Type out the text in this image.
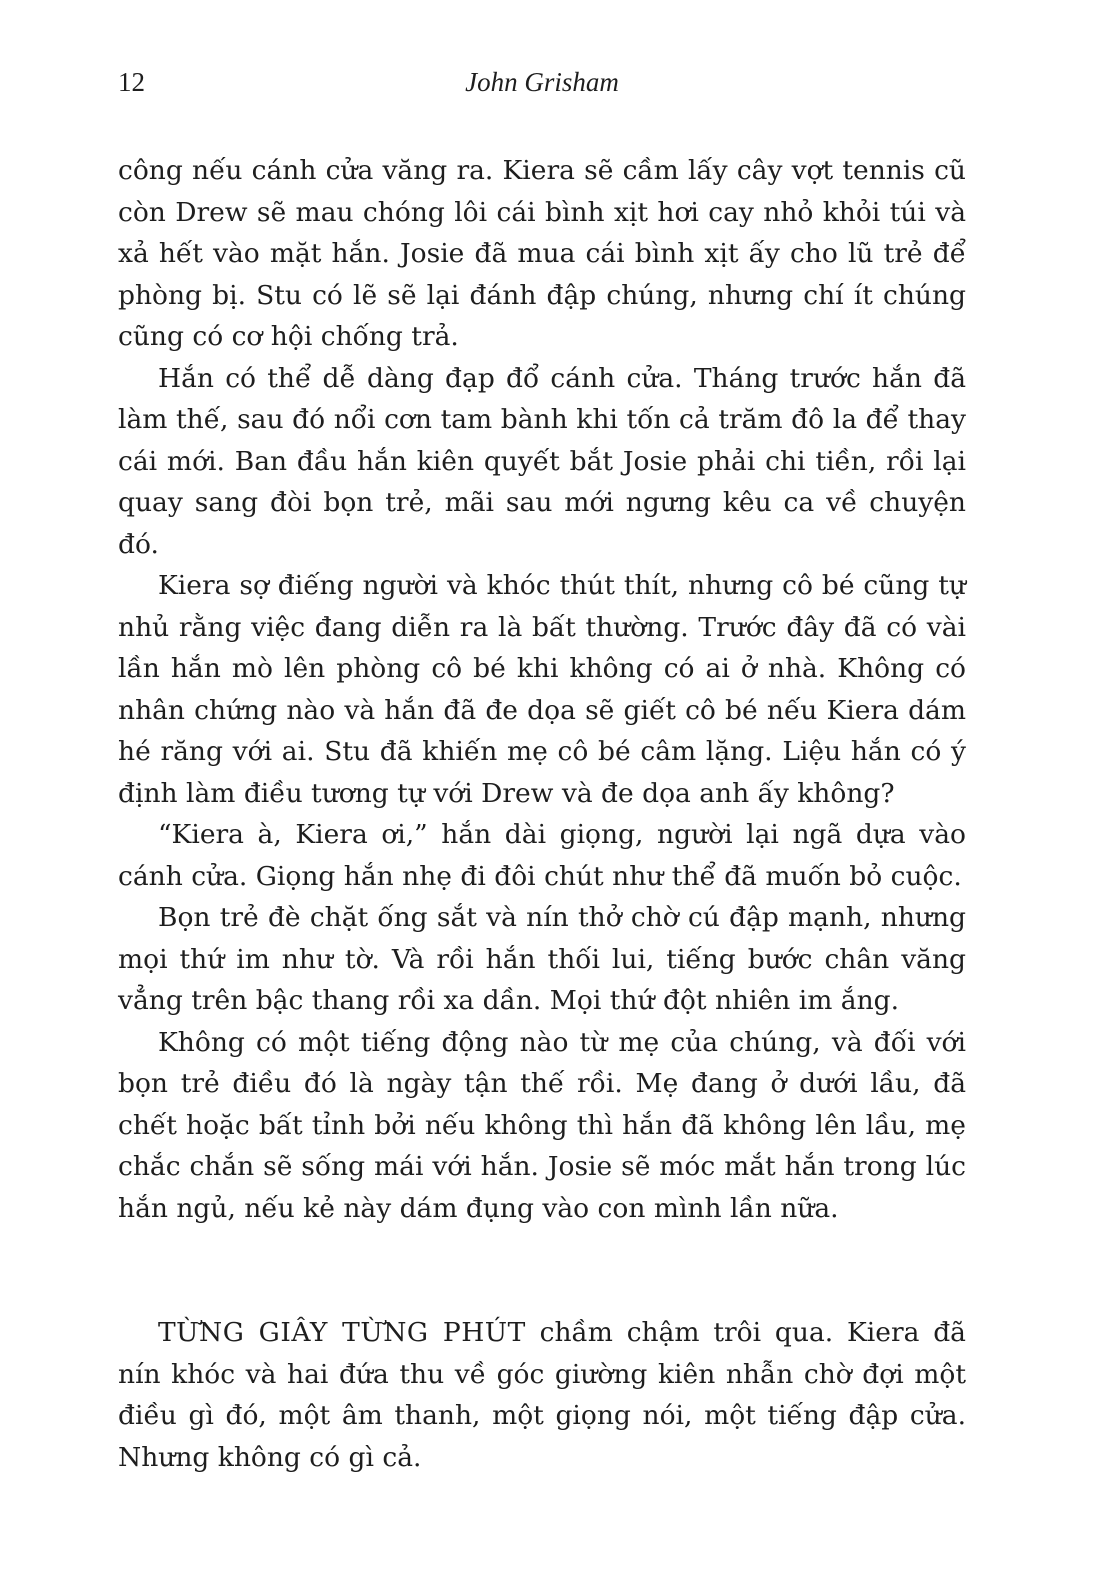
12	John Grisham

công nếu cánh cửa văng ra. Kiera sẽ cầm lấy cây vợt tennis cũ còn Drew sẽ mau chóng lôi cái bình xịt hơi cay nhỏ khỏi túi và xả hết vào mặt hắn. Josie đã mua cái bình xịt ấy cho lũ trẻ để phòng bị. Stu có lẽ sẽ lại đánh đập chúng, nhưng chí ít chúng cũng có cơ hội chống trả.

Hắn có thể dễ dàng đạp đổ cánh cửa. Tháng trước hắn đã làm thế, sau đó nổi cơn tam bành khi tốn cả trăm đô la để thay cái mới. Ban đầu hắn kiên quyết bắt Josie phải chi tiền, rồi lại quay sang đòi bọn trẻ, mãi sau mới ngưng kêu ca về chuyện đó.

Kiera sợ điếng người và khóc thút thít, nhưng cô bé cũng tự nhủ rằng việc đang diễn ra là bất thường. Trước đây đã có vài lần hắn mò lên phòng cô bé khi không có ai ở nhà. Không có nhân chứng nào và hắn đã đe dọa sẽ giết cô bé nếu Kiera dám hé răng với ai. Stu đã khiến mẹ cô bé câm lặng. Liệu hắn có ý định làm điều tương tự với Drew và đe dọa anh ấy không?

“Kiera à, Kiera ơi,” hắn dài giọng, người lại ngã dựa vào cánh cửa. Giọng hắn nhẹ đi đôi chút như thể đã muốn bỏ cuộc.

Bọn trẻ đè chặt ống sắt và nín thở chờ cú đập mạnh, nhưng mọi thứ im như tờ. Và rồi hắn thối lui, tiếng bước chân văng vẳng trên bậc thang rồi xa dần. Mọi thứ đột nhiên im ắng.

Không có một tiếng động nào từ mẹ của chúng, và đối với bọn trẻ điều đó là ngày tận thế rồi. Mẹ đang ở dưới lầu, đã chết hoặc bất tỉnh bởi nếu không thì hắn đã không lên lầu, mẹ chắc chắn sẽ sống mái với hắn. Josie sẽ móc mắt hắn trong lúc hắn ngủ, nếu kẻ này dám đụng vào con mình lần nữa.

TỪNG GIÂY TỪNG PHÚT chầm chậm trôi qua. Kiera đã nín khóc và hai đứa thu về góc giường kiên nhẫn chờ đợi một điều gì đó, một âm thanh, một giọng nói, một tiếng đập cửa. Nhưng không có gì cả.
